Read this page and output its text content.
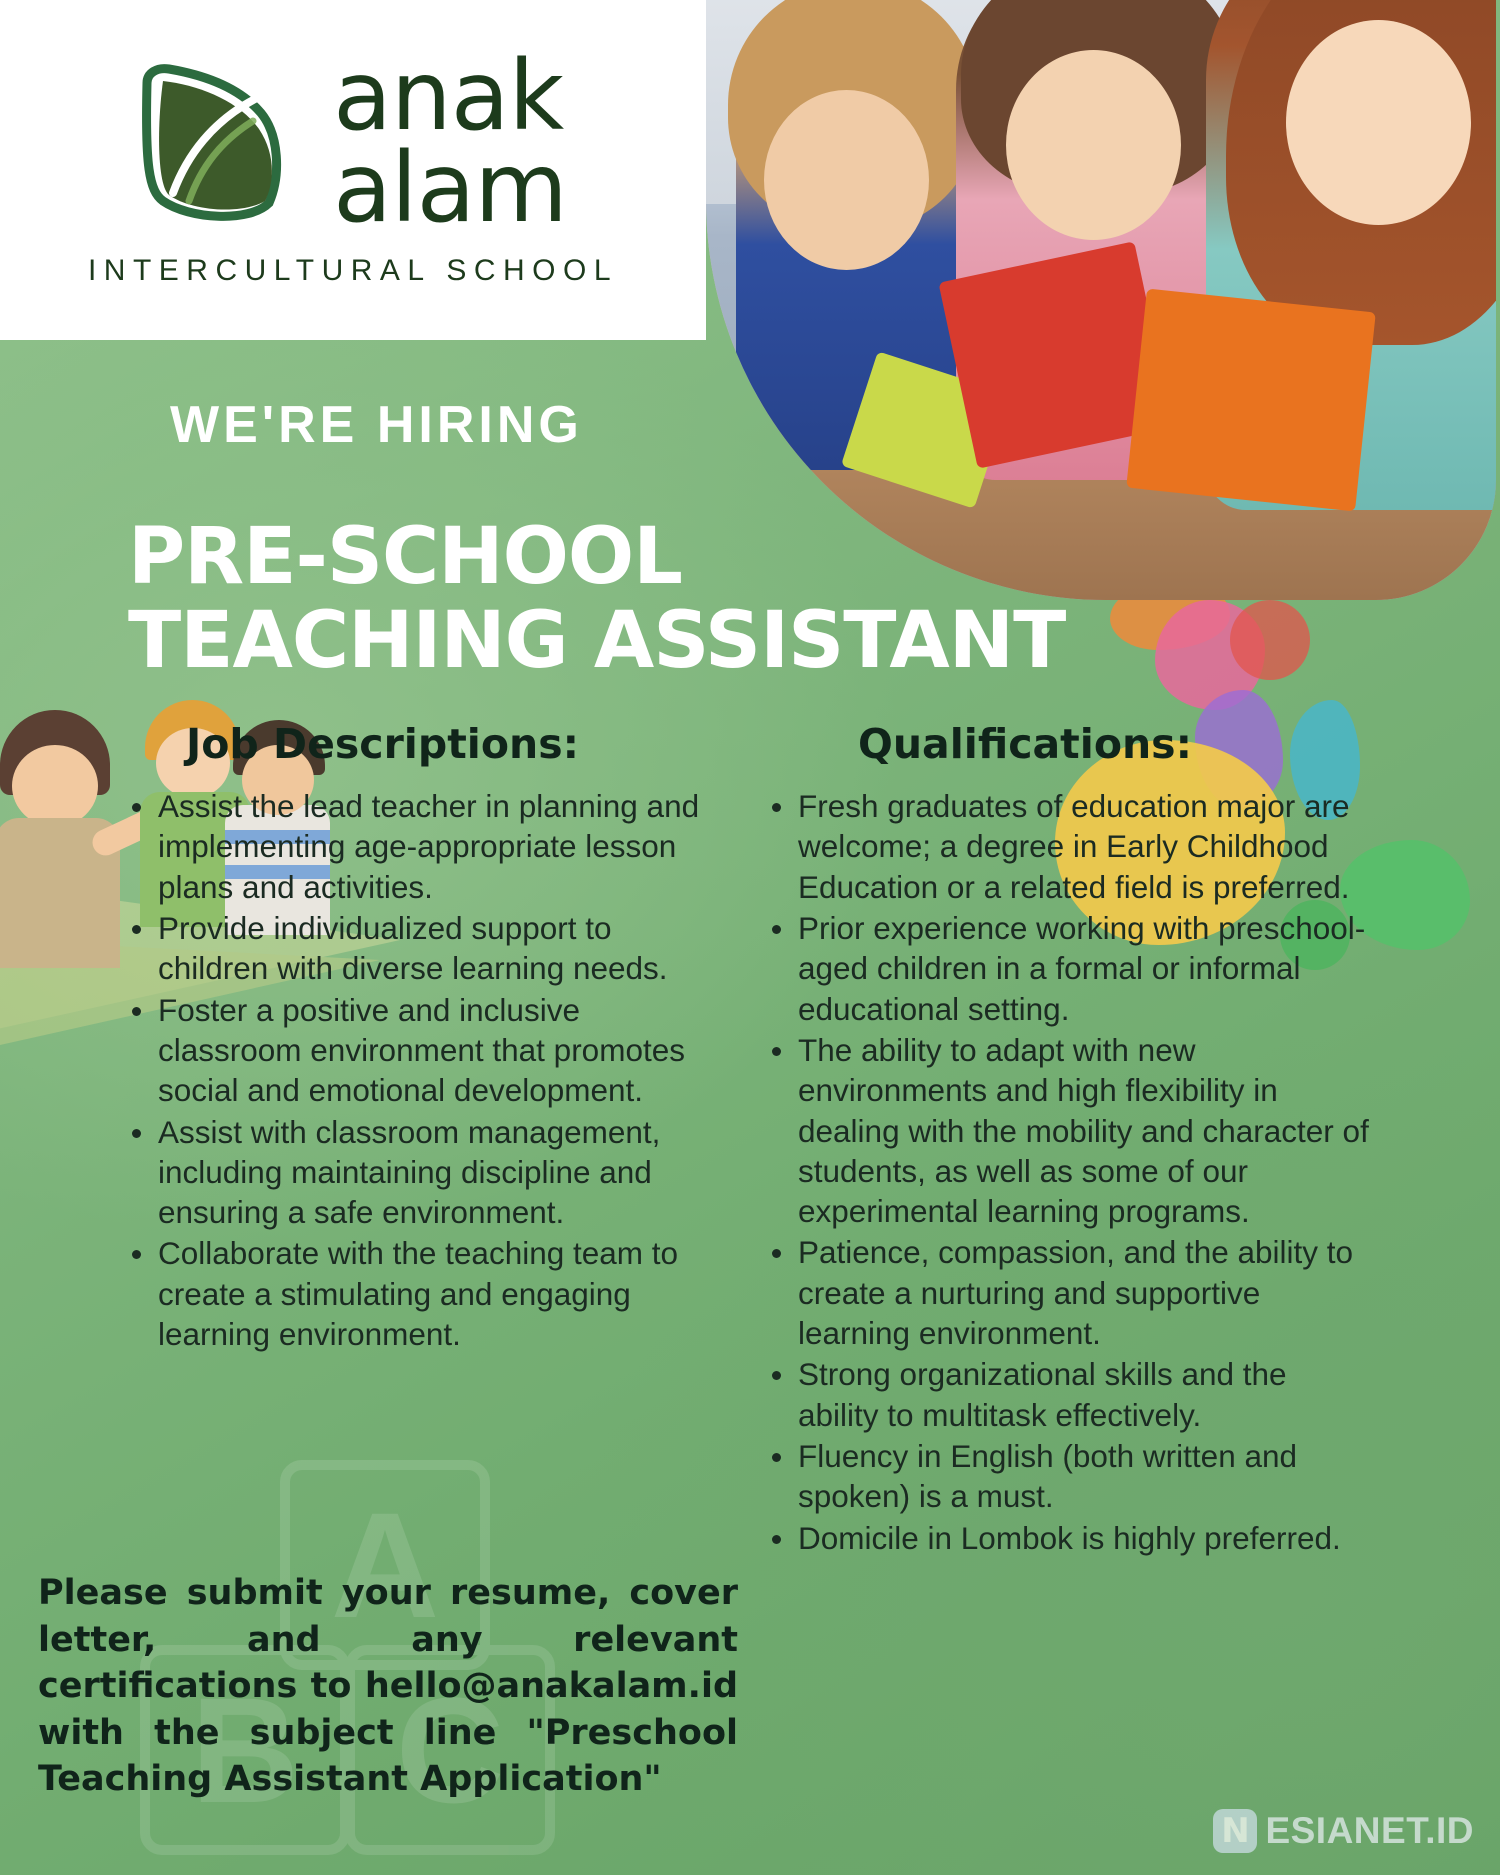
A
B C
anak
alam
INTERCULTURAL SCHOOL
WE'RE HIRING
PRE-SCHOOL TEACHING ASSISTANT
Job Descriptions:
Assist the lead teacher in planning and implementing age-appropriate lesson plans and activities.
Provide individualized support to children with diverse learning needs.
Foster a positive and inclusive classroom environment that promotes social and emotional development.
Assist with classroom management, including maintaining discipline and ensuring a safe environment.
Collaborate with the teaching team to create a stimulating and engaging learning environment.
Qualifications:
Fresh graduates of education major are welcome; a degree in Early Childhood Education or a related field is preferred.
Prior experience working with preschool-aged children in a formal or informal educational setting.
The ability to adapt with new environments and high flexibility in dealing with the mobility and character of students, as well as some of our experimental learning programs.
Patience, compassion, and the ability to create a nurturing and supportive learning environment.
Strong organizational skills and the ability to multitask effectively.
Fluency in English (both written and spoken) is a must.
Domicile in Lombok is highly preferred.
Please submit your resume, cover letter, and any relevant certifications to hello@anakalam.id with the subject line "Preschool Teaching Assistant Application"
N ESIANET.ID
